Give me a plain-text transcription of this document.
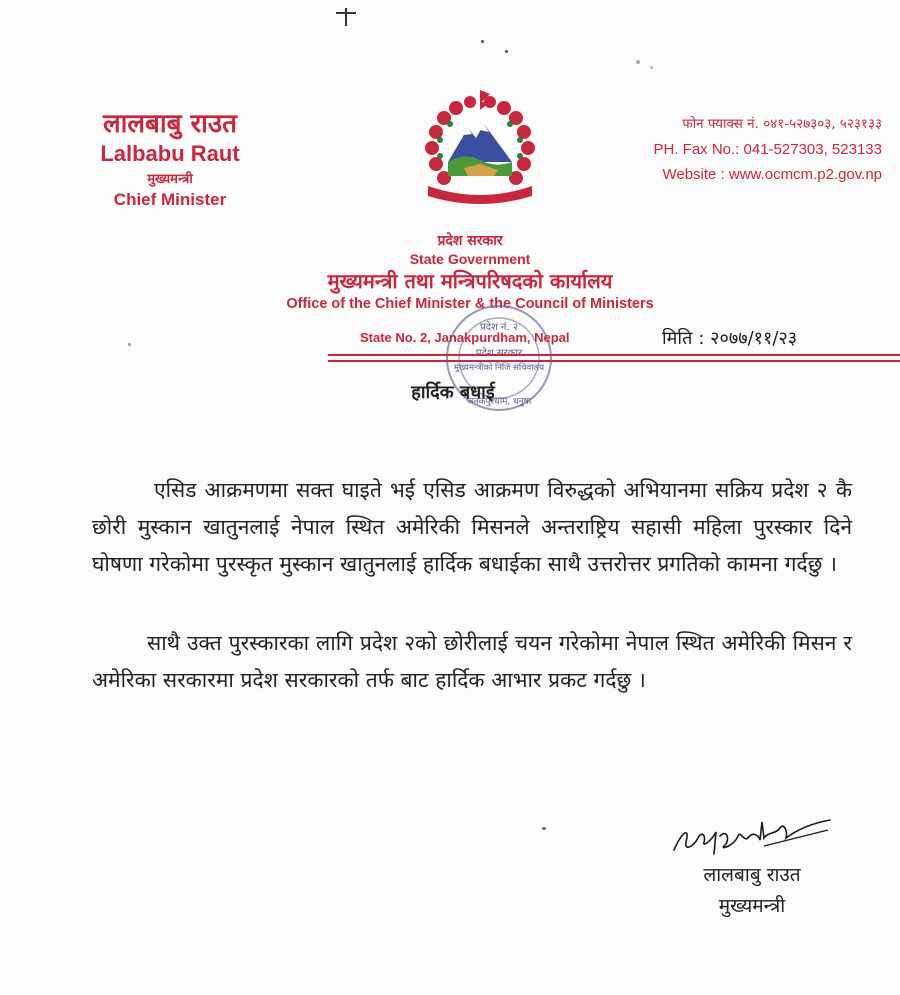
लालबाबु राउत
Lalbabu Raut
मुख्यमन्त्री
Chief Minister
फोन फ्याक्स नं. ०४१-५२७३०३, ५२३१३३
PH. Fax No.: 041-527303, 523133
Website : www.ocmcm.p2.gov.np
प्रदेश सरकार
State Government
मुख्यमन्त्री तथा मन्त्रिपरिषदको कार्यालय
Office of the Chief Minister & the Council of Ministers
प्रदेश नं. २
मुख्यमन्त्रीको निजि सचिवालय
जनकपुरधाम, धनुषा
State No. 2, Janakpurdham, Nepal	मिति : २०७७/११/२३
हार्दिक बधाई
एसिड आक्रमणमा सक्त घाइते भई एसिड आक्रमण विरुद्धको अभियानमा सक्रिय प्रदेश २ कै छोरी मुस्कान खातुनलाई नेपाल स्थित अमेरिकी मिसनले अन्तराष्ट्रिय सहासी महिला पुरस्कार दिने घोषणा गरेकोमा पुरस्कृत मुस्कान खातुनलाई हार्दिक बधाईका साथै उत्तरोत्तर प्रगतिको कामना गर्दछु ।
साथै उक्त पुरस्कारका लागि प्रदेश २को छोरीलाई चयन गरेकोमा नेपाल स्थित अमेरिकी मिसन र अमेरिका सरकारमा प्रदेश सरकारको तर्फ बाट हार्दिक आभार प्रकट गर्दछु ।
लालबाबु राउत
मुख्यमन्त्री
